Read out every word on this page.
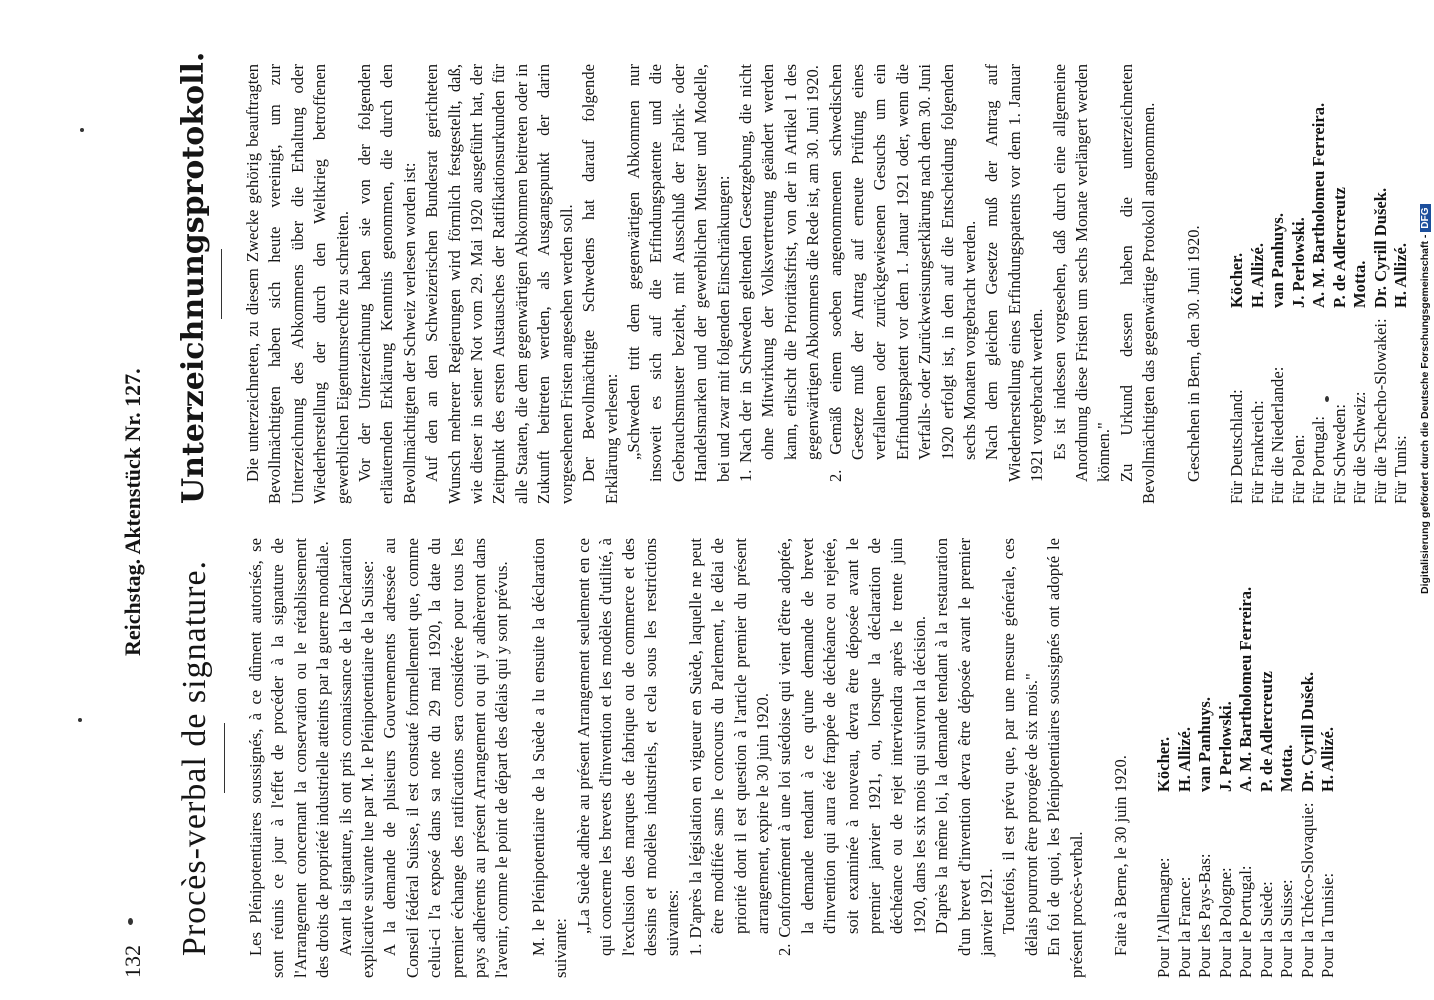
132
Reichstag. Aktenstück Nr. 127.
Procès-verbal de signature. Les Plénipotentiaires soussignés, à ce dûment autorisés, se sont réunis ce jour à l'effet de procéder à la signature de l'Arrangement concernant la conservation ou le rétablissement des droits de propriété industrielle atteints par la guerre mondiale. Avant la signature, ils ont pris connaissance de la Déclaration explicative suivante lue par M. le Plénipotentiaire de la Suisse: A la demande de plusieurs Gouvernements adressée au Conseil fédéral Suisse, il est constaté formellement que, comme celui-ci l'a exposé dans sa note du 29 mai 1920, la date du premier échange des ratifications sera considérée pour tous les pays adhérents au présent Arrangement ou qui y adhèreront dans l'avenir, comme le point de départ des délais qui y sont prévus. M. le Plénipotentiaire de la Suède a lu ensuite la déclaration suivante:

„La Suède adhère au présent Arrangement seulement en ce qui concerne les brevets d'invention et les modèles d'utilité, à l'exclusion des marques de fabrique ou de commerce et des dessins et modèles industriels, et cela sous les restrictions suivantes: 1. D'après la législation en vigueur en Suède, laquelle ne peut être modifiée sans le concours du Parlement, le délai de priorité dont il est question à l'article premier du présent arrangement, expire le 30 juin 1920. 2. Conformément à une loi suédoise qui vient d'être adoptée, la demande tendant à ce qu'une demande de brevet d'invention qui aura été frappée de déchéance ou rejetée, soit examinée à nouveau, devra être déposée avant le premier janvier 1921, ou, lorsque la déclaration de déchéance ou de rejet interviendra après le trente juin 1920, dans les six mois qui suivront la décision. D'après la même loi, la demande tendant à la restauration d'un brevet d'invention devra être déposée avant le premier janvier 1921. Toutefois, il est prévu que, par une mesure générale, ces délais pourront être prorogée de six mois." En foi de quoi, les Plénipotentiaires soussignés ont adopté le présent procès-verbal. Faite à Berne, le 30 juin 1920. Pour l'Allemagne:
Köcher.
Pour la France:
H. Allizé.
Pour les Pays-Bas:
van Panhuys.
Pour la Pologne:
J. Perlowski.
Pour le Portugal:
A. M. Bartholomeu Ferreira.
Pour la Suède:
P. de Adlercreutz
Pour la Suisse:
Motta.
Pour la Tchéco-Slovaquie:
Dr. Cyrill Dušek.
Pour la Tunisie:
H. Allizé.
Unterzeichnungsprotokoll. Die unterzeichneten, zu diesem Zwecke gehörig beauftragten Bevollmächtigten haben sich heute vereinigt, um zur Unterzeichnung des Abkommens über die Erhaltung oder Wiederherstellung der durch den Weltkrieg betroffenen gewerblichen Eigentumsrechte zu schreiten. Vor der Unterzeichnung haben sie von der folgenden erläuternden Erklärung Kenntnis genommen, die durch den Bevollmächtigten der Schweiz verlesen worden ist: Auf den an den Schweizerischen Bundesrat gerichteten Wunsch mehrerer Regierungen wird förmlich festgestellt, daß, wie dieser in seiner Not vom 29. Mai 1920 ausgeführt hat, der Zeitpunkt des ersten Austausches der Ratifikationsurkunden für alle Staaten, die dem gegenwärtigen Abkommen beitreten oder in Zukunft beitreten werden, als Ausgangspunkt der darin vorgesehenen Fristen angesehen werden soll. Der Bevollmächtigte Schwedens hat darauf folgende Erklärung verlesen: „Schweden tritt dem gegenwärtigen Abkommen nur insoweit es sich auf die Erfindungspatente und die Gebrauchsmuster bezieht, mit Ausschluß der Fabrik- oder Handelsmarken und der gewerblichen Muster und Modelle, bei und zwar mit folgenden Einschränkungen: 1. Nach der in Schweden geltenden Gesetzgebung, die nicht ohne Mitwirkung der Volksvertretung geändert werden kann, erlischt die Prioritätsfrist, von der in Artikel 1 des gegenwärtigen Abkommens die Rede ist, am 30. Juni 1920. 2. Gemäß einem soeben angenommenen schwedischen Gesetze muß der Antrag auf erneute Prüfung eines verfallenen oder zurückgewiesenen Gesuchs um ein Erfindungspatent vor dem 1. Januar 1921 oder, wenn die Verfalls- oder Zurückweisungserklärung nach dem 30. Juni 1920 erfolgt ist, in den auf die Entscheidung folgenden sechs Monaten vorgebracht werden. Nach dem gleichen Gesetze muß der Antrag auf Wiederherstellung eines Erfindungspatents vor dem 1. Januar 1921 vorgebracht werden. Es ist indessen vorgesehen, daß durch eine allgemeine Anordnung diese Fristen um sechs Monate verlängert werden können." Zu Urkund dessen haben die unterzeichneten Bevollmächtigten das gegenwärtige Protokoll angenommen. Geschehen in Bern, den 30. Juni 1920. Für Deutschland:
Köcher.
Für Frankreich:
H. Allizé.
Für die Niederlande:
van Panhuys.
Für Polen:
J. Perlowski.
Für Portugal:
A. M. Bartholomeu Ferreira.
Für Schweden:
P. de Adlercreutz
Für die Schweiz:
Motta.
Für die Tschecho-Slowakei:
Dr. Cyrill Dušek.
Für Tunis:
H. Allizé. Digitalisierung gefördert durch die Deutsche Forschungsgemeinschaft -
DFG
